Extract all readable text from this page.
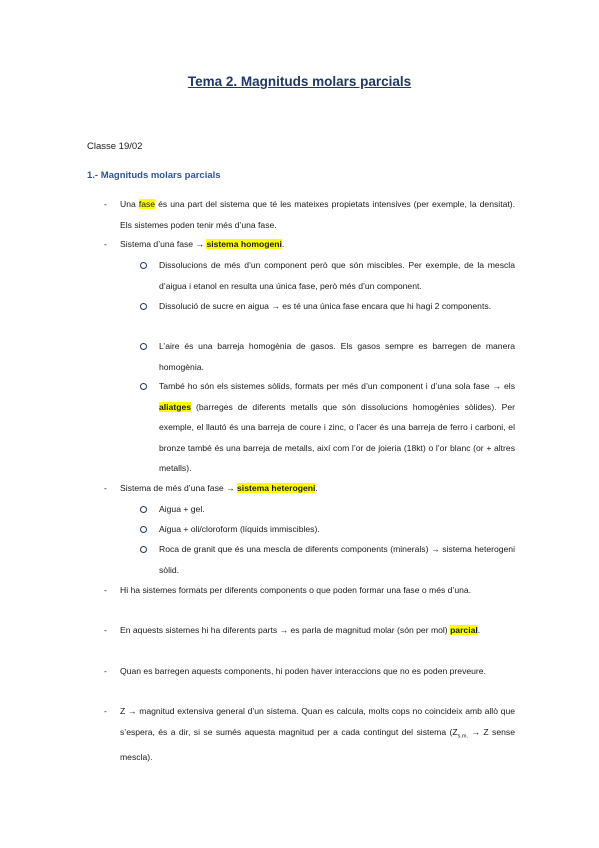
Tema 2. Magnituds molars parcials
Classe 19/02
1.- Magnituds molars parcials
- Una fase és una part del sistema que té les mateixes propietats intensives (per exemple, la densitat). Els sistemes poden tenir més d’una fase.
- Sistema d’una fase → sistema homogeni.
Dissolucions de més d’un component però que són miscibles. Per exemple, de la mescla d’aigua i etanol en resulta una única fase, però més d’un component.
Dissolució de sucre en aigua → es té una única fase encara que hi hagi 2 components.
L’aire és una barreja homogènia de gasos. Els gasos sempre es barregen de manera homogènia.
També ho són els sistemes sòlids, formats per més d’un component i d’una sola fase → els aliatges (barreges de diferents metalls que són dissolucions homogènies sòlides). Per exemple, el llautó és una barreja de coure i zinc, o l’acer és una barreja de ferro i carboni, el bronze també és una barreja de metalls, així com l’or de joieria (18kt) o l’or blanc (or + altres metalls).
- Sistema de més d’una fase → sistema heterogeni.
Aigua + gel.
Aigua + oli/cloroform (líquids immiscibles).
Roca de granit que és una mescla de diferents components (minerals) → sistema heterogeni sòlid.
- Hi ha sistemes formats per diferents components o que poden formar una fase o més d’una.
- En aquests sistemes hi ha diferents parts → es parla de magnitud molar (són per mol) parcial.
- Quan es barregen aquests components, hi poden haver interaccions que no es poden preveure.
- Z → magnitud extensiva general d’un sistema. Quan es calcula, molts cops no coincideix amb allò que s’espera, és a dir, si se sumés aquesta magnitud per a cada contingut del sistema ($Z_{s.m.} \to Z$ sense mescla).
